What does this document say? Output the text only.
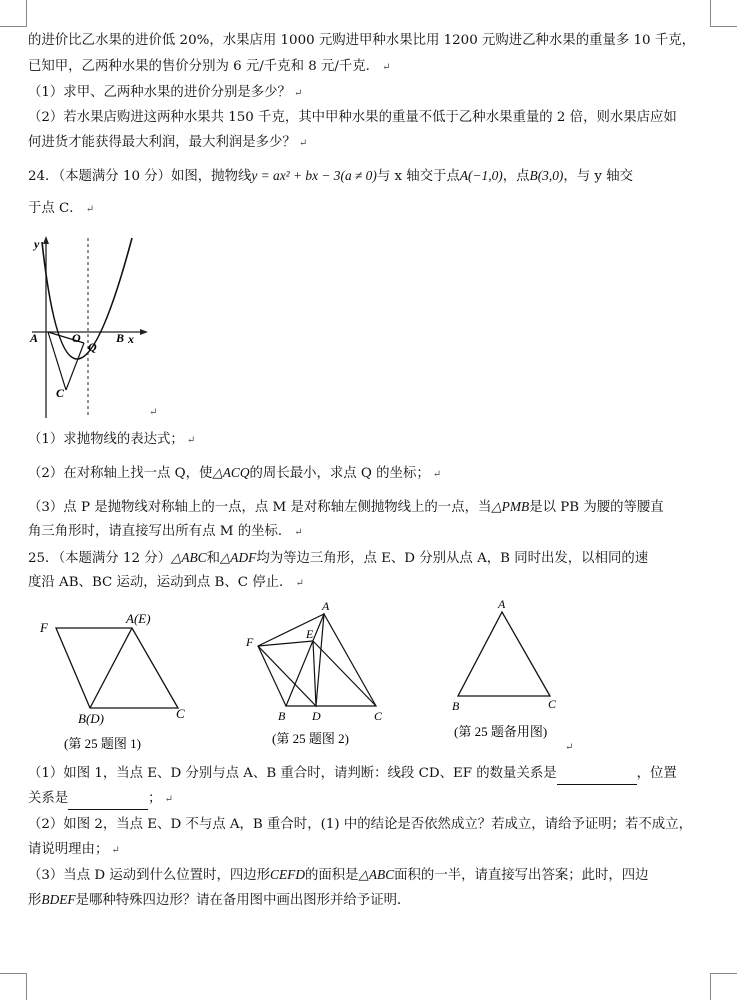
的进价比乙水果的进价低 20%，水果店用 1000 元购进甲种水果比用 1200 元购进乙种水果的重量多 10 千克，
已知甲，乙两种水果的售价分别为 6 元/千克和 8 元/千克． ↵
（1）求甲、乙两种水果的进价分别是多少？ ↵
（2）若水果店购进这两种水果共 150 千克，其中甲种水果的重量不低于乙种水果重量的 2 倍，则水果店应如
何进货才能获得最大利润，最大利润是多少？ ↵
24．（本题满分 10 分）如图，抛物线y = ax² + bx − 3(a ≠ 0)与 x 轴交于点A(−1,0)，点B(3,0)，与 y 轴交
于点 C． ↵
y
x
A	O
Q
B
C
↵
（1）求抛物线的表达式； ↵
（2）在对称轴上找一点 Q，使△ACQ的周长最小，求点 Q 的坐标； ↵
（3）点 P 是抛物线对称轴上的一点，点 M 是对称轴左侧抛物线上的一点，当△PMB是以 PB 为腰的等腰直
角三角形时，请直接写出所有点 M 的坐标． ↵
25．（本题满分 12 分）△ABC和△ADF均为等边三角形，点 E、D 分别从点 A，B 同时出发，以相同的速
度沿 AB、BC 运动，运动到点 B、C 停止． ↵
F
A(E)
B(D)	C
(第 25 题图 1)
A
E
F
B D	C
(第 25 题图 2)
A
B	C
(第 25 题备用图)
↵
（1）如图 1，当点 E、D 分别与点 A、B 重合时，请判断：线段 CD、EF 的数量关系是	，位置
关系是	； ↵
（2）如图 2，当点 E、D 不与点 A，B 重合时，(1) 中的结论是否依然成立？若成立，请给予证明；若不成立，
请说明理由； ↵
（3）当点 D 运动到什么位置时，四边形CEFD的面积是△ABC面积的一半，请直接写出答案；此时，四边
形BDEF是哪种特殊四边形？请在备用图中画出图形并给予证明．
